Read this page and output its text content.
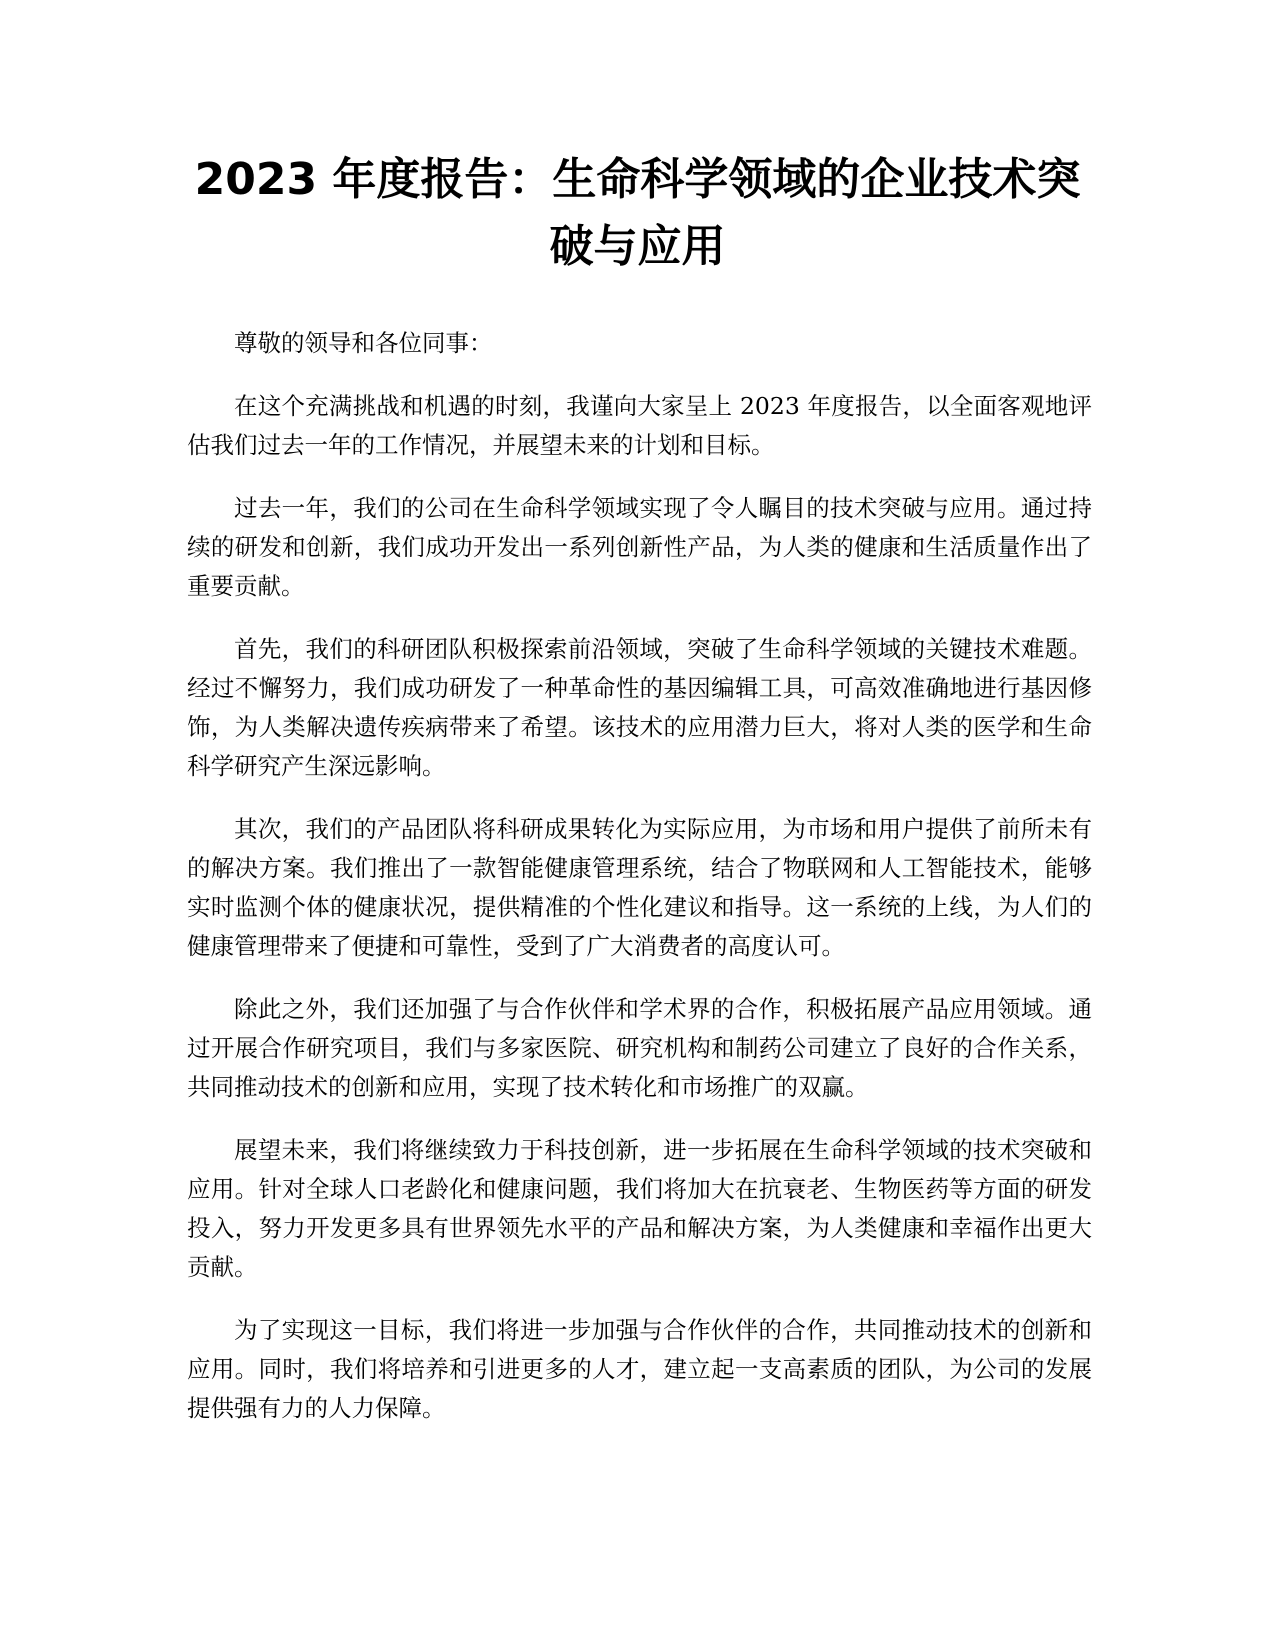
2023 年度报告：生命科学领域的企业技术突破与应用

尊敬的领导和各位同事：

在这个充满挑战和机遇的时刻，我谨向大家呈上 2023 年度报告，以全面客观地评估我们过去一年的工作情况，并展望未来的计划和目标。

过去一年，我们的公司在生命科学领域实现了令人瞩目的技术突破与应用。通过持续的研发和创新，我们成功开发出一系列创新性产品，为人类的健康和生活质量作出了重要贡献。

首先，我们的科研团队积极探索前沿领域，突破了生命科学领域的关键技术难题。经过不懈努力，我们成功研发了一种革命性的基因编辑工具，可高效准确地进行基因修饰，为人类解决遗传疾病带来了希望。该技术的应用潜力巨大，将对人类的医学和生命科学研究产生深远影响。

其次，我们的产品团队将科研成果转化为实际应用，为市场和用户提供了前所未有的解决方案。我们推出了一款智能健康管理系统，结合了物联网和人工智能技术，能够实时监测个体的健康状况，提供精准的个性化建议和指导。这一系统的上线，为人们的健康管理带来了便捷和可靠性，受到了广大消费者的高度认可。

除此之外，我们还加强了与合作伙伴和学术界的合作，积极拓展产品应用领域。通过开展合作研究项目，我们与多家医院、研究机构和制药公司建立了良好的合作关系，共同推动技术的创新和应用，实现了技术转化和市场推广的双赢。

展望未来，我们将继续致力于科技创新，进一步拓展在生命科学领域的技术突破和应用。针对全球人口老龄化和健康问题，我们将加大在抗衰老、生物医药等方面的研发投入，努力开发更多具有世界领先水平的产品和解决方案，为人类健康和幸福作出更大贡献。

为了实现这一目标，我们将进一步加强与合作伙伴的合作，共同推动技术的创新和应用。同时，我们将培养和引进更多的人才，建立起一支高素质的团队，为公司的发展提供强有力的人力保障。
